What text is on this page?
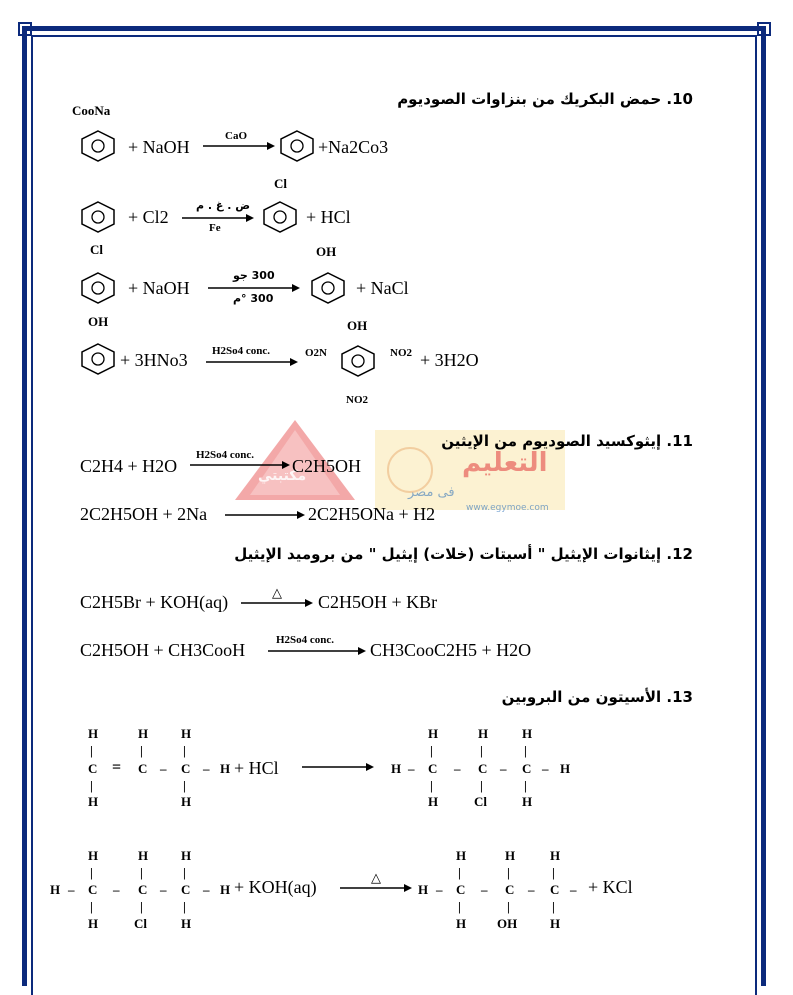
10. حمض البكريك من بنزاوات الصوديوم
CooNa
+ NaOH
CaO
+Na2Co3
+ Cl2
ض . غ . م
Fe
Cl
+ HCl
Cl
+ NaOH
300 جو
300 °م
OH
+ NaCl
OH
+ 3HNo3 H2So4 conc.
OH
O2N	NO2 + 3H2O
NO2
التعليم
فى مصر
www.egymoe.com
مكتبتي
11. إيثوكسيد الصوديوم من الإيثين
C2H4 + H2O
H2So4 conc.
C2H5OH
2C2H5OH + 2Na	2C2H5ONa + H2
12. إيثانوات الإيثيل " أسيتات (خلات) إيثيل " من بروميد الإيثيل
C2H5Br + KOH(aq)	△ C2H5OH + KBr
C2H5OH + CH3CooH	H2So4 conc. CH3CooC2H5 + H2O
13. الأسيتون من البروبين
H	H	H
|	|	|
C = C – C – H
|	|
H	H
+ HCl
H	H	H
|	|	|
H – C – C – C – H
|	|	|
H	Cl	H
H	H	H
|	|	|
H – C – C – C – H
|	|	|
H	Cl	H
+ KOH(aq)	△
H	H	H
|	|	|
H – C – C – C – + KCl
|	|	|
H OH	H
